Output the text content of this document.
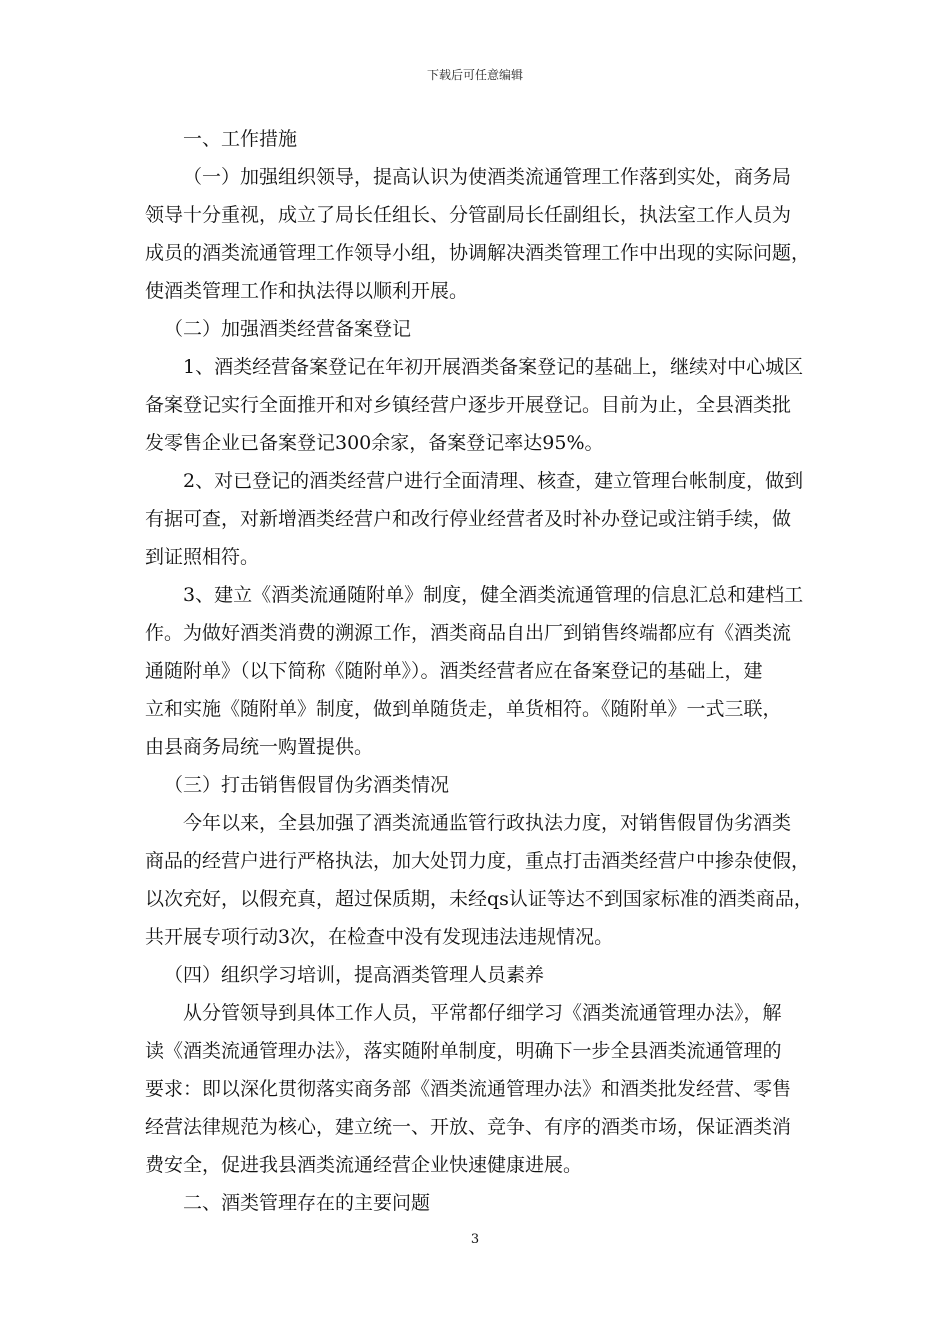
下载后可任意编辑
一、工作措施
（一）加强组织领导，提高认识为使酒类流通管理工作落到实处，商务局
领导十分重视，成立了局长任组长、分管副局长任副组长，执法室工作人员为
成员的酒类流通管理工作领导小组，协调解决酒类管理工作中出现的实际问题，
使酒类管理工作和执法得以顺利开展。
（二）加强酒类经营备案登记
1、酒类经营备案登记在年初开展酒类备案登记的基础上，继续对中心城区
备案登记实行全面推开和对乡镇经营户逐步开展登记。目前为止，全县酒类批
发零售企业已备案登记300余家，备案登记率达95%。
2、对已登记的酒类经营户进行全面清理、核查，建立管理台帐制度，做到
有据可查，对新增酒类经营户和改行停业经营者及时补办登记或注销手续，做
到证照相符。
3、建立《酒类流通随附单》制度，健全酒类流通管理的信息汇总和建档工
作。为做好酒类消费的溯源工作，酒类商品自出厂到销售终端都应有《酒类流
通随附单》（以下简称《随附单》）。酒类经营者应在备案登记的基础上，建
立和实施《随附单》制度，做到单随货走，单货相符。《随附单》一式三联，
由县商务局统一购置提供。
（三）打击销售假冒伪劣酒类情况
今年以来，全县加强了酒类流通监管行政执法力度，对销售假冒伪劣酒类
商品的经营户进行严格执法，加大处罚力度，重点打击酒类经营户中掺杂使假，
以次充好，以假充真，超过保质期，未经qs认证等达不到国家标准的酒类商品，
共开展专项行动3次，在检查中没有发现违法违规情况。
（四）组织学习培训，提高酒类管理人员素养
从分管领导到具体工作人员，平常都仔细学习《酒类流通管理办法》，解
读《酒类流通管理办法》，落实随附单制度，明确下一步全县酒类流通管理的
要求：即以深化贯彻落实商务部《酒类流通管理办法》和酒类批发经营、零售
经营法律规范为核心，建立统一、开放、竞争、有序的酒类市场，保证酒类消
费安全，促进我县酒类流通经营企业快速健康进展。
二、酒类管理存在的主要问题
3
